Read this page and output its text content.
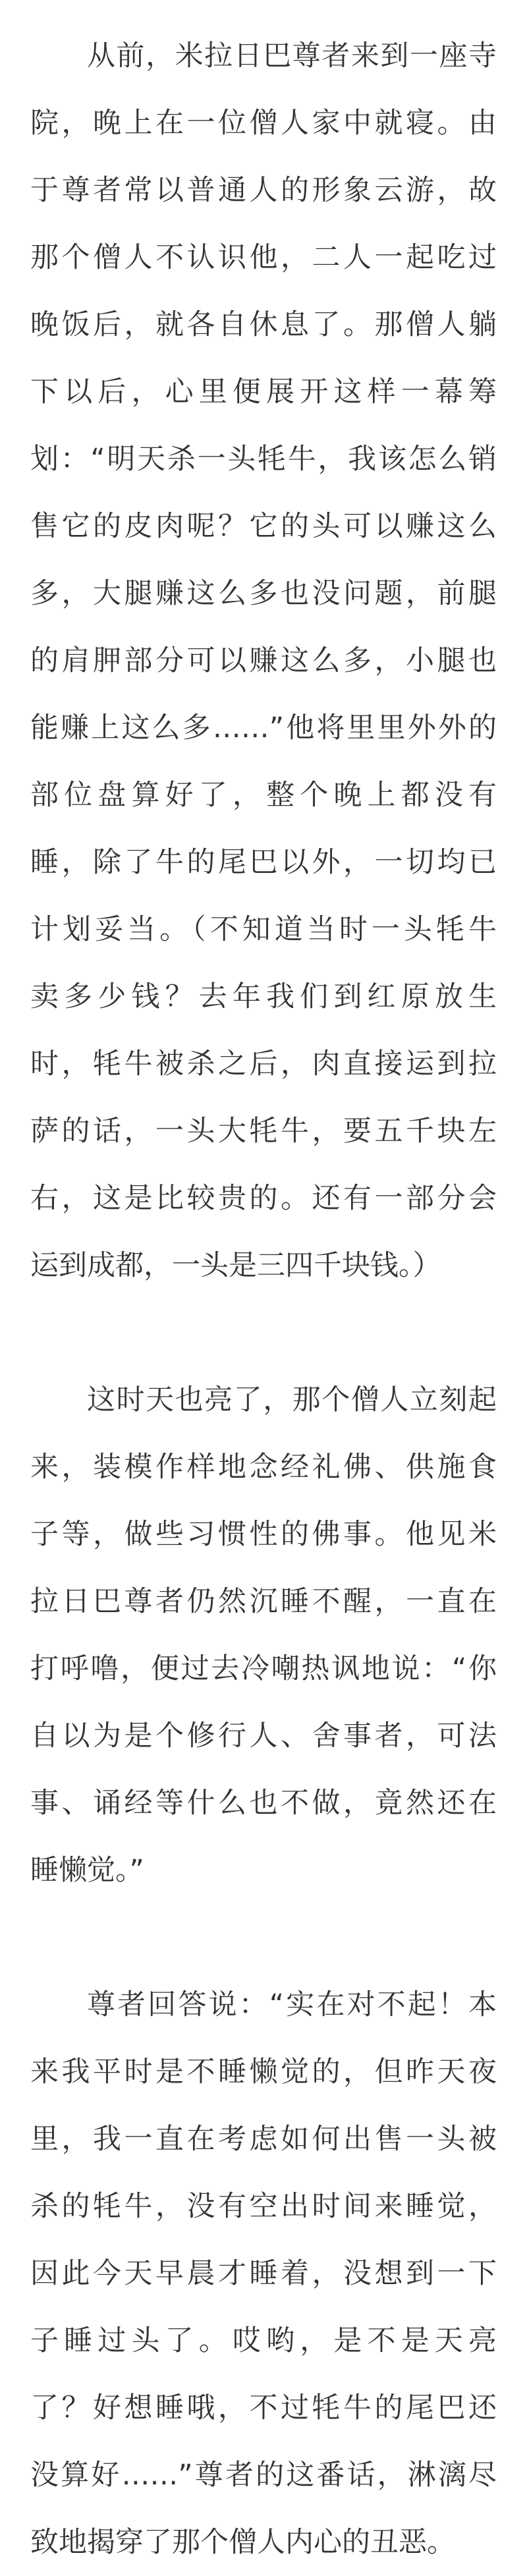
从前，米拉日巴尊者来到一座寺
院，晚上在一位僧人家中就寝。由
于尊者常以普通人的形象云游，故
那个僧人不认识他，二人一起吃过
晚饭后，就各自休息了。那僧人躺
下以后，心里便展开这样一幕筹
划：“明天杀一头牦牛，我该怎么销
售它的皮肉呢？它的头可以赚这么
多，大腿赚这么多也没问题，前腿
的肩胛部分可以赚这么多，小腿也
能赚上这么多……”他将里里外外的
部位盘算好了，整个晚上都没有
睡，除了牛的尾巴以外，一切均已
计划妥当。（不知道当时一头牦牛
卖多少钱？去年我们到红原放生
时，牦牛被杀之后，肉直接运到拉
萨的话，一头大牦牛，要五千块左
右，这是比较贵的。还有一部分会
运到成都，一头是三四千块钱。）
这时天也亮了，那个僧人立刻起
来，装模作样地念经礼佛、供施食
子等，做些习惯性的佛事。他见米
拉日巴尊者仍然沉睡不醒，一直在
打呼噜，便过去冷嘲热讽地说：“你
自以为是个修行人、舍事者，可法
事、诵经等什么也不做，竟然还在
睡懒觉。”
尊者回答说：“实在对不起！本
来我平时是不睡懒觉的，但昨天夜
里，我一直在考虑如何出售一头被
杀的牦牛，没有空出时间来睡觉，
因此今天早晨才睡着，没想到一下
子睡过头了。哎哟，是不是天亮
了？好想睡哦，不过牦牛的尾巴还
没算好……”尊者的这番话，淋漓尽
致地揭穿了那个僧人内心的丑恶。
